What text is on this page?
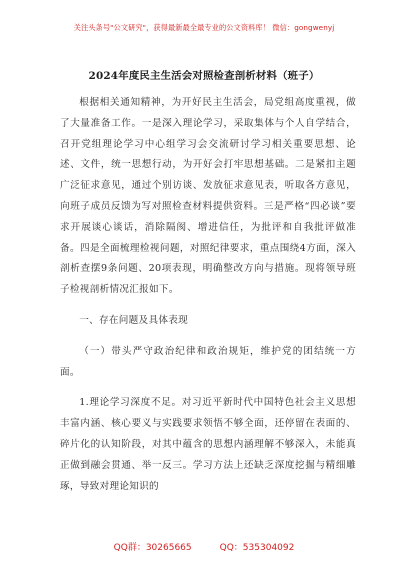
关注头条号"公文研究"，获得最新最全最专业的公文资料库！ 微信：gongwenyj
2024年度民主生活会对照检查剖析材料（班子）

根据相关通知精神，为开好民主生活会，局党组高度重视，做了大量准备工作。一是深入理论学习，采取集体与个人自学结合，召开党组理论学习中心组学习会交流研讨学习相关重要思想、论述、文件，统一思想行动，为开好会打牢思想基础。二是紧扣主题广泛征求意见，通过个别访谈、发放征求意见表，听取各方意见，向班子成员反馈为写对照检查材料提供资料。三是严格“四必谈”要求开展谈心谈话，消除隔阂、增进信任，为批评和自我批评做准备。四是全面梳理检视问题，对照纪律要求，重点围绕4方面，深入剖析查摆9条问题、20项表现，明确整改方向与措施。现将领导班子检视剖析情况汇报如下。

一、存在问题及具体表现

（一）带头严守政治纪律和政治规矩，维护党的团结统一方面。

1.理论学习深度不足。对习近平新时代中国特色社会主义思想丰富内涵、核心要义与实践要求领悟不够全面，还停留在表面的、碎片化的认知阶段，对其中蕴含的思想内涵理解不够深入，未能真正做到融会贯通、举一反三。学习方法上还缺乏深度挖掘与精细雕琢，导致对理论知识的

QQ群：30265665	QQ：535304092
